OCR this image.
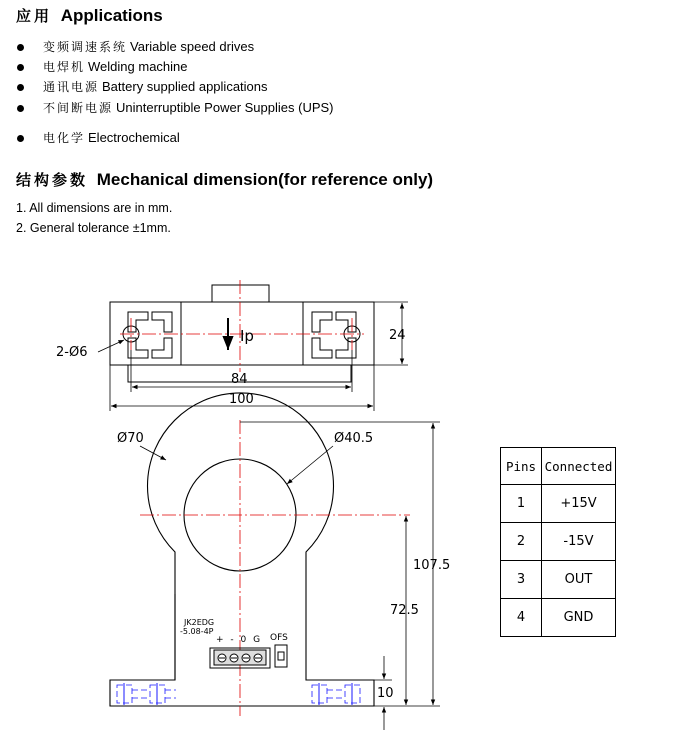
应用 Applications
变频调速系统 Variable speed drives
电焊机 Welding machine
通讯电源 Battery supplied applications
不间断电源 Uninterruptible Power Supplies (UPS)
电化学 Electrochemical
结构参数 Mechanical dimension(for reference only)
1. All dimensions are in mm.
2. General tolerance ±1mm.
Ip
2-Ø6
24
84
100
Ø70	Ø40.5
107.5
72.5
10
JK2EDG
-5.08-4P
+ - 0 G OFS
Pins	Connected
1	+15V
2	-15V
3	OUT
4	GND
